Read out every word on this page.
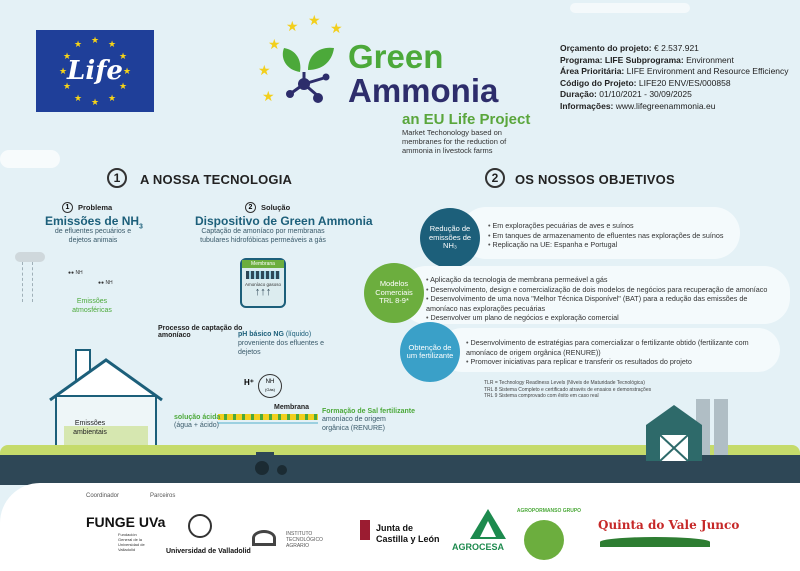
★ ★
★
★
★
★
★
★
★
★
★
★
Life
★
★ ★
★
★
★
Green
Ammonia
an EU Life Project
Market Techonology based on membranes for the reduction of ammonia in livestock farms
Orçamento do projeto: € 2.537.921
Programa: LIFE Subprograma: Environment
Área Prioritária: LIFE Environment and Resource Efficiency
Código do Projeto: LIFE20 ENV/ES/000858
Duração: 01/10/2021 - 30/09/2025
Informações: www.lifegreenammonia.eu
1	A NOSSA TECNOLOGIA	2	OS NOSSOS OBJETIVOS
1	Problema
Emissões de $NH_3$
de efluentes pecuários e dejetos animais
2	Solução
Dispositivo de Green Ammonia
Captação de amoníaco por membranas tubulares hidrofóbicas permeáveis a gás
Membrana
Amoníaco gasoso
↑↑↑
●● NH
●● NH
Emissões atmosféricas
Emissões ambientais
Processo de captação do amoníaco	pH básico NG (líquido)
proveniente dos efluentes e dejetos
H⁺	NH
(Gás)
Membrana
solução ácida
(água + ácido)
Formação de Sal fertilizante
amoníaco de origem orgânica (RENURE)
• Em explorações pecuárias de aves e suínos
• Em tanques de armazenamento de efluentes nas explorações de suínos
• Replicação na UE: Espanha e Portugal
Redução de emissões de NH₃
• Aplicação da tecnologia de membrana permeável a gás
• Desenvolvimento, design e comercialização de dois modelos de negócios para recuperação de amoníaco
• Desenvolvimento de uma nova "Melhor Técnica Disponível" (BAT) para a redução das emissões de amoníaco nas explorações pecuárias
• Desenvolver um plano de negócios e exploração comercial
Modelos Comerciais TRL 8-9*
• Desenvolvimento de estratégias para comercializar o fertilizante obtido (fertilizante com amoníaco de origem orgânica (RENURE))
• Promover iniciativas para replicar e transferir os resultados do projeto
Obtenção de um fertilizante
TLR = Technology Readiness Levels (Níveis de Maturidade Tecnológica)
TRL 8 Sistema Completo e certificado através de ensaios e demonstrações
TRL 9 Sistema comprovado com êxito em caso real
Coordinador	Parceiros
FUNGE UVa
Fundación General de la Universidad de Valladolid	Universidad de Valladolid
INSTITUTO TECNOLÓGICO AGRARIO
Junta de Castilla y León
AGROCESA
AGROPORMANSO GRUPO
Quinta do Vale Junco
